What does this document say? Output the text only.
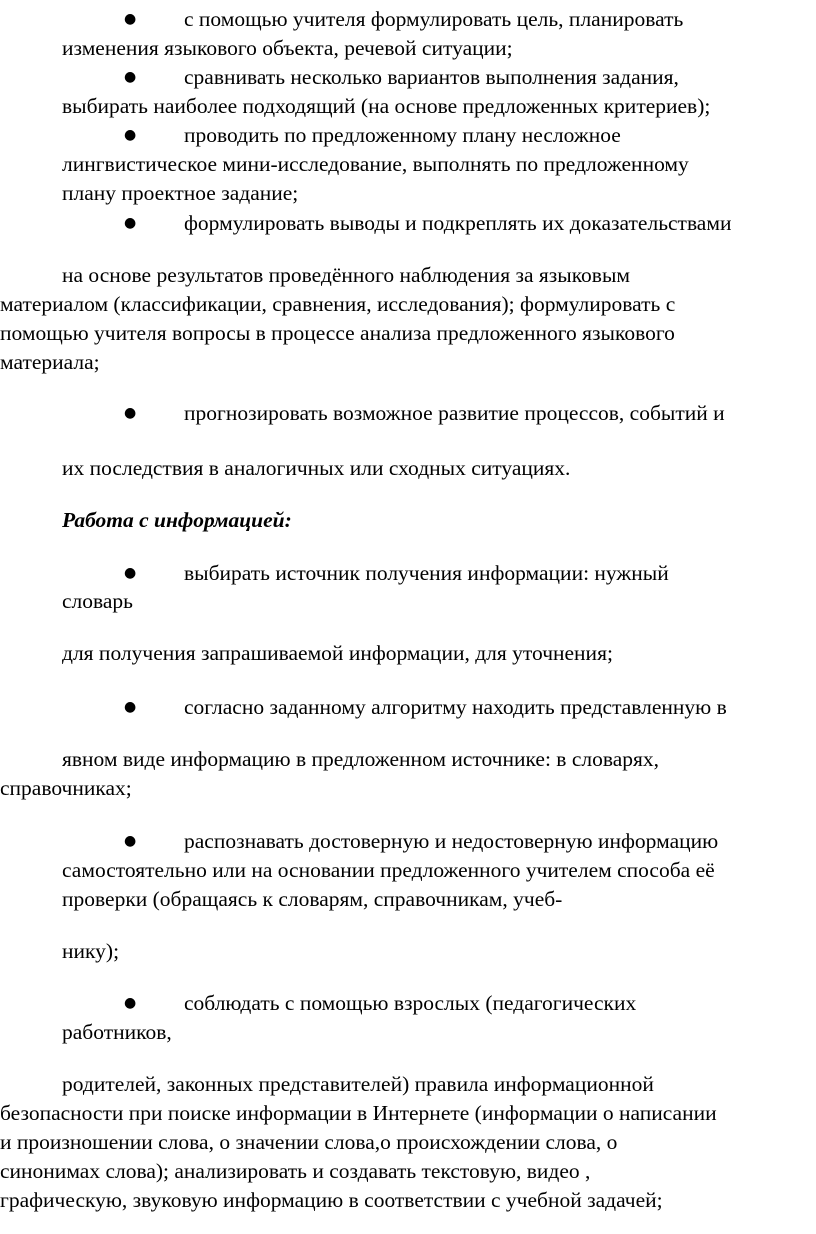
● с помощью учителя формулировать цель, планировать
изменения языкового объекта, речевой ситуации;
● сравнивать несколько вариантов выполнения задания,
выбирать наиболее подходящий (на основе предложенных критериев);
● проводить по предложенному плану несложное
лингвистическое мини-исследование, выполнять по предложенному
плану проектное задание;
● формулировать выводы и подкреплять их доказательствами
на основе результатов проведённого наблюдения за языковым
материалом (классификации, сравнения, исследования); формулировать с
помощью учителя вопросы в процессе анализа предложенного языкового
материала;
● прогнозировать возможное развитие процессов, событий и
их последствия в аналогичных или сходных ситуациях.
Работа с информацией:
● выбирать источник получения информации: нужный
словарь
для получения запрашиваемой информации, для уточнения;
● согласно заданному алгоритму находить представленную в
явном виде информацию в предложенном источнике: в словарях,
справочниках;
● распознавать достоверную и недостоверную информацию
самостоятельно или на основании предложенного учителем способа её
проверки (обращаясь к словарям, справочникам, учеб-
нику);
● соблюдать с помощью взрослых (педагогических
работников,
родителей, законных представителей) правила информационной
безопасности при поиске информации в Интернете (информации о написании
и произношении слова, о значении слова,о происхождении слова, о
синонимах слова); анализировать и создавать текстовую, видео ,
графическую, звуковую информацию в соответствии с учебной задачей;
